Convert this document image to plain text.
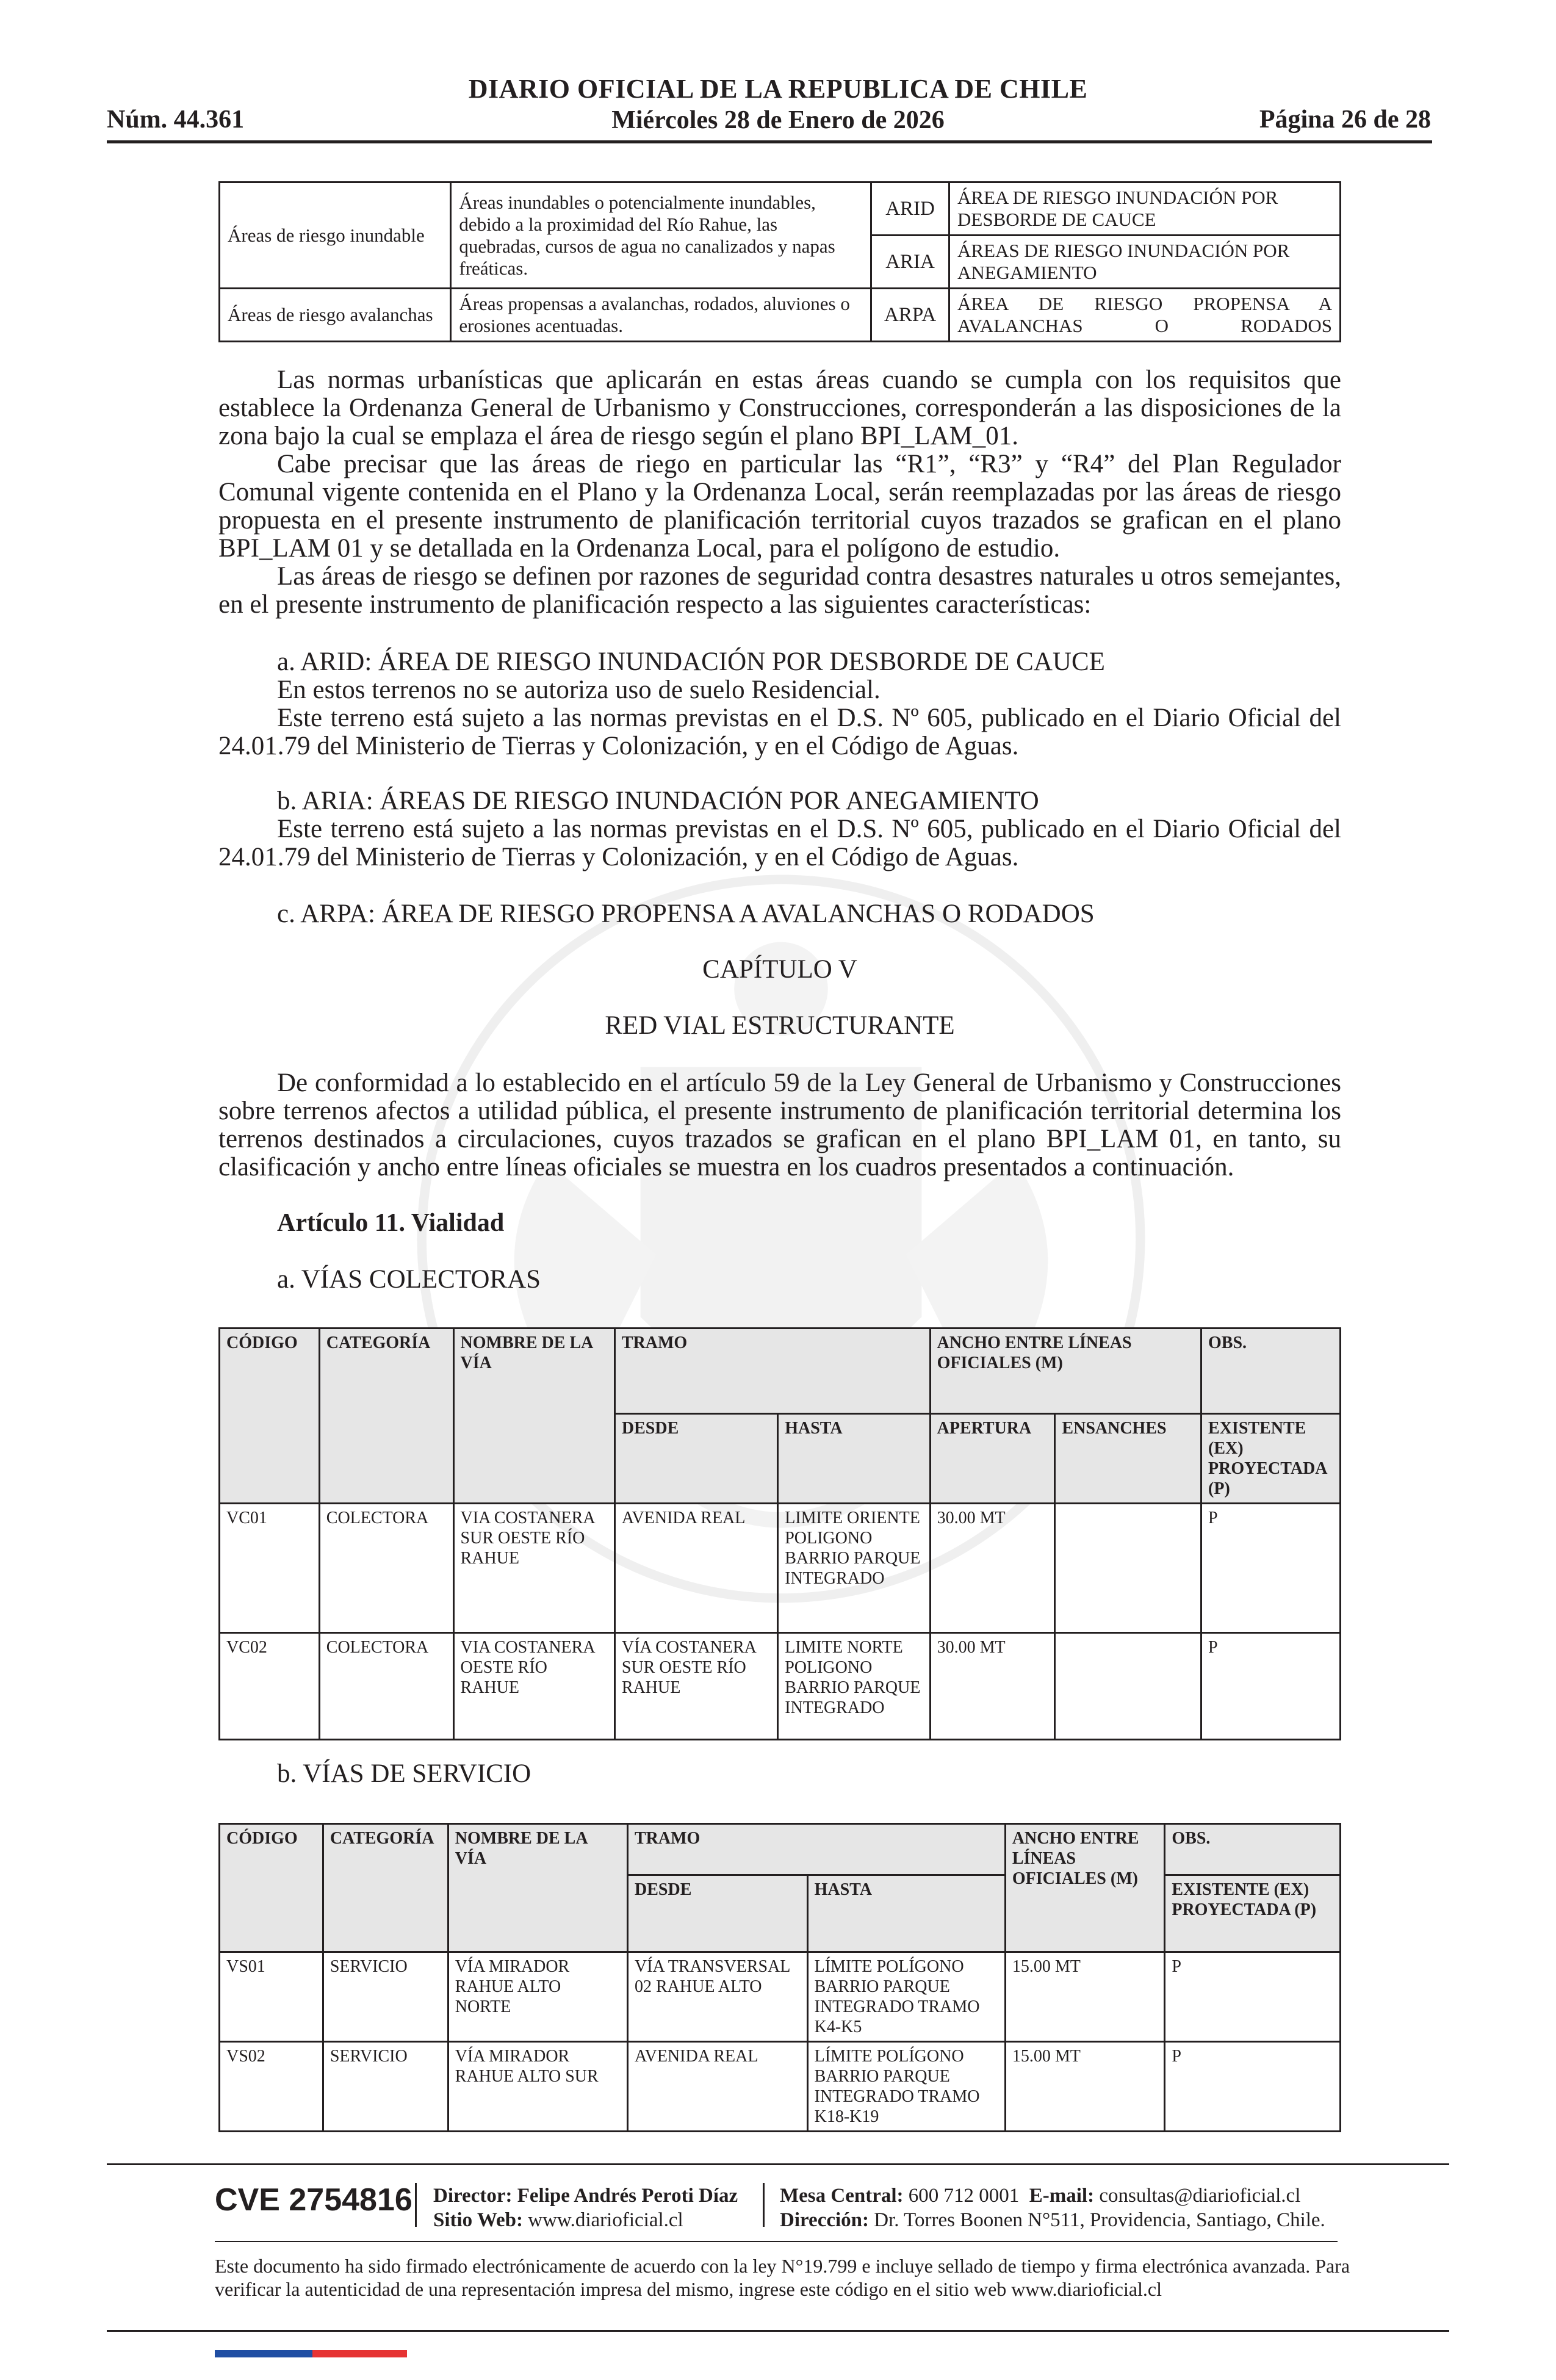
DIARIO OFICIAL DE LA REPUBLICA DE CHILE
Miércoles 28 de Enero de 2026
Núm. 44.361	Página 26 de 28
Áreas de riesgo inundable	Áreas inundables o potencialmente inundables, debido a la proximidad del Río Rahue, las quebradas, cursos de agua no canalizados y napas freáticas.	ARID	ÁREA DE RIESGO INUNDACIÓN POR DESBORDE DE CAUCE
		ARIA	ÁREAS DE RIESGO INUNDACIÓN POR ANEGAMIENTO
Áreas de riesgo avalanchas	Áreas propensas a avalanchas, rodados, aluviones o erosiones acentuadas.	ARPA	ÁREA DE RIESGO PROPENSA A AVALANCHAS O RODADOS

Las normas urbanísticas que aplicarán en estas áreas cuando se cumpla con los requisitos que establece la Ordenanza General de Urbanismo y Construcciones, corresponderán a las disposiciones de la zona bajo la cual se emplaza el área de riesgo según el plano BPI_LAM_01.

Cabe precisar que las áreas de riego en particular las “R1”, “R3” y “R4” del Plan Regulador Comunal vigente contenida en el Plano y la Ordenanza Local, serán reemplazadas por las áreas de riesgo propuesta en el presente instrumento de planificación territorial cuyos trazados se grafican en el plano BPI_LAM 01 y se detallada en la Ordenanza Local, para el polígono de estudio.

Las áreas de riesgo se definen por razones de seguridad contra desastres naturales u otros semejantes, en el presente instrumento de planificación respecto a las siguientes características:

a. ARID: ÁREA DE RIESGO INUNDACIÓN POR DESBORDE DE CAUCE

En estos terrenos no se autoriza uso de suelo Residencial.

Este terreno está sujeto a las normas previstas en el D.S. Nº 605, publicado en el Diario Oficial del 24.01.79 del Ministerio de Tierras y Colonización, y en el Código de Aguas.

b. ARIA: ÁREAS DE RIESGO INUNDACIÓN POR ANEGAMIENTO

Este terreno está sujeto a las normas previstas en el D.S. Nº 605, publicado en el Diario Oficial del 24.01.79 del Ministerio de Tierras y Colonización, y en el Código de Aguas.

c. ARPA: ÁREA DE RIESGO PROPENSA A AVALANCHAS O RODADOS
CAPÍTULO V
RED VIAL ESTRUCTURANTE

De conformidad a lo establecido en el artículo 59 de la Ley General de Urbanismo y Construcciones sobre terrenos afectos a utilidad pública, el presente instrumento de planificación territorial determina los terrenos destinados a circulaciones, cuyos trazados se grafican en el plano BPI_LAM 01, en tanto, su clasificación y ancho entre líneas oficiales se muestra en los cuadros presentados a continuación.

Artículo 11. Vialidad
a. VÍAS COLECTORAS
CÓDIGO	CATEGORÍA	NOMBRE DE LA VÍA	TRAMO		ANCHO ENTRE LÍNEAS OFICIALES (M)		OBS.
			DESDE	HASTA	APERTURA	ENSANCHES	EXISTENTE (EX) PROYECTADA (P)
VC01	COLECTORA	VIA COSTANERA SUR OESTE RÍO RAHUE	AVENIDA REAL	LIMITE ORIENTE POLIGONO BARRIO PARQUE INTEGRADO	30.00 MT		P
VC02	COLECTORA	VIA COSTANERA OESTE RÍO RAHUE	VÍA COSTANERA SUR OESTE RÍO RAHUE	LIMITE NORTE POLIGONO BARRIO PARQUE INTEGRADO	30.00 MT		P
b. VÍAS DE SERVICIO
CÓDIGO	CATEGORÍA	NOMBRE DE LA VÍA	TRAMO		ANCHO ENTRE LÍNEAS OFICIALES (M)	OBS.
			DESDE	HASTA		EXISTENTE (EX) PROYECTADA (P)
VS01	SERVICIO	VÍA MIRADOR RAHUE ALTO NORTE	VÍA TRANSVERSAL 02 RAHUE ALTO	LÍMITE POLÍGONO BARRIO PARQUE INTEGRADO TRAMO K4-K5	15.00 MT	P
VS02	SERVICIO	VÍA MIRADOR RAHUE ALTO SUR	AVENIDA REAL	LÍMITE POLÍGONO BARRIO PARQUE INTEGRADO TRAMO K18-K19	15.00 MT	P
CVE 2754816 Director: Felipe Andrés Peroti Díaz
Sitio Web: www.diarioficial.cl
Mesa Central: 600 712 0001 E-mail: consultas@diarioficial.cl
Dirección: Dr. Torres Boonen N°511, Providencia, Santiago, Chile.
Este documento ha sido firmado electrónicamente de acuerdo con la ley N°19.799 e incluye sellado de tiempo y firma electrónica avanzada. Para verificar la autenticidad de una representación impresa del mismo, ingrese este código en el sitio web www.diarioficial.cl
